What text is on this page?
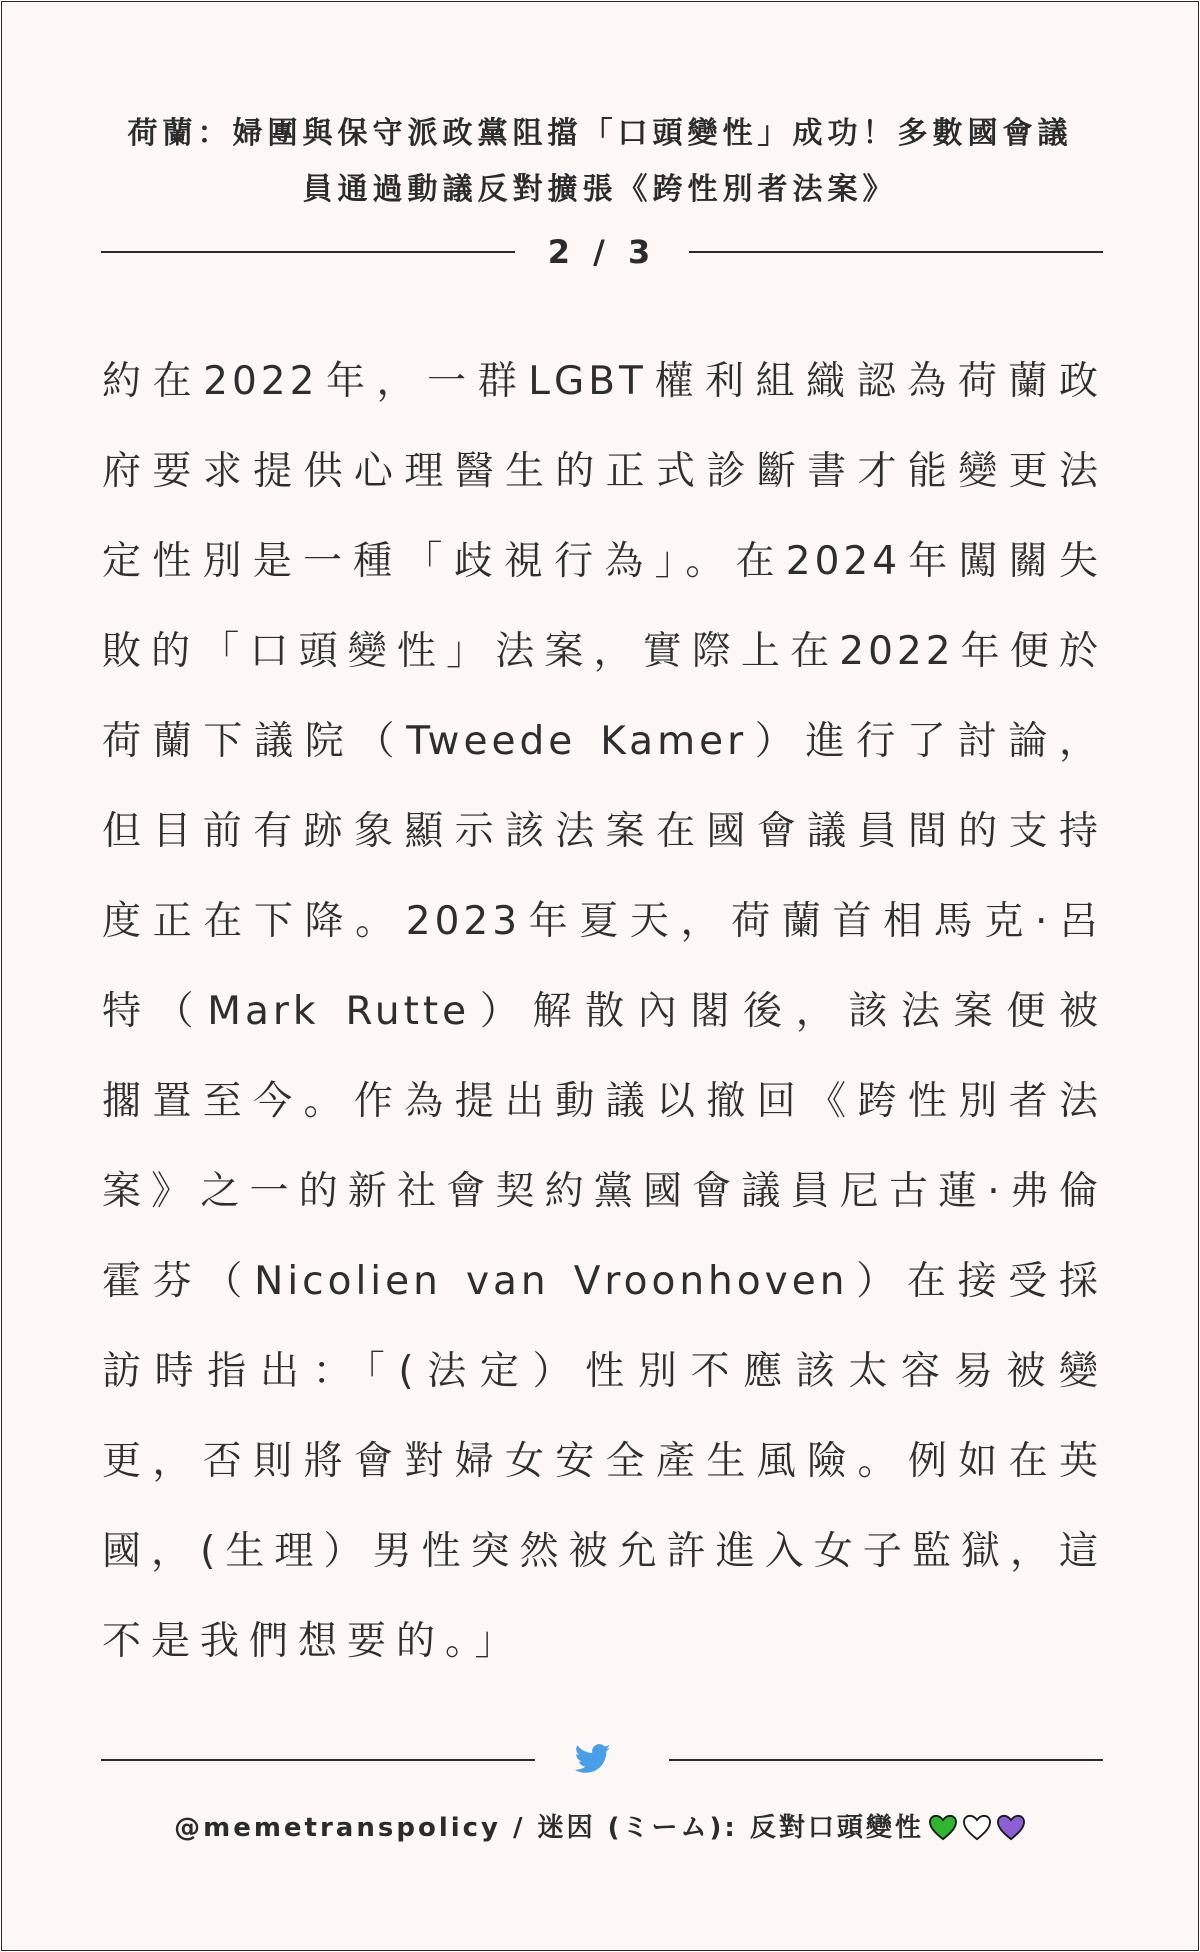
荷蘭：婦團與保守派政黨阻擋「口頭變性」成功！多數國會議
員通過動議反對擴張《跨性別者法案》
2 / 3
約在2022年，一群LGBT權利組織認為荷蘭政
府要求提供心理醫生的正式診斷書才能變更法
定性別是一種「歧視行為」。在2024年闖關失
敗的「口頭變性」法案，實際上在2022年便於
荷蘭下議院（Tweede Kamer）進行了討論，
但目前有跡象顯示該法案在國會議員間的支持
度正在下降。2023年夏天，荷蘭首相馬克·呂
特（Mark Rutte）解散內閣後，該法案便被
擱置至今。作為提出動議以撤回《跨性別者法
案》之一的新社會契約黨國會議員尼古蓮·弗倫
霍芬（Nicolien van Vroonhoven）在接受採
訪時指出：「(法定）性別不應該太容易被變
更，否則將會對婦女安全產生風險。例如在英
國，(生理）男性突然被允許進入女子監獄，這
不是我們想要的。」
@memetranspolicy / 迷因 (ミーム): 反對口頭變性
